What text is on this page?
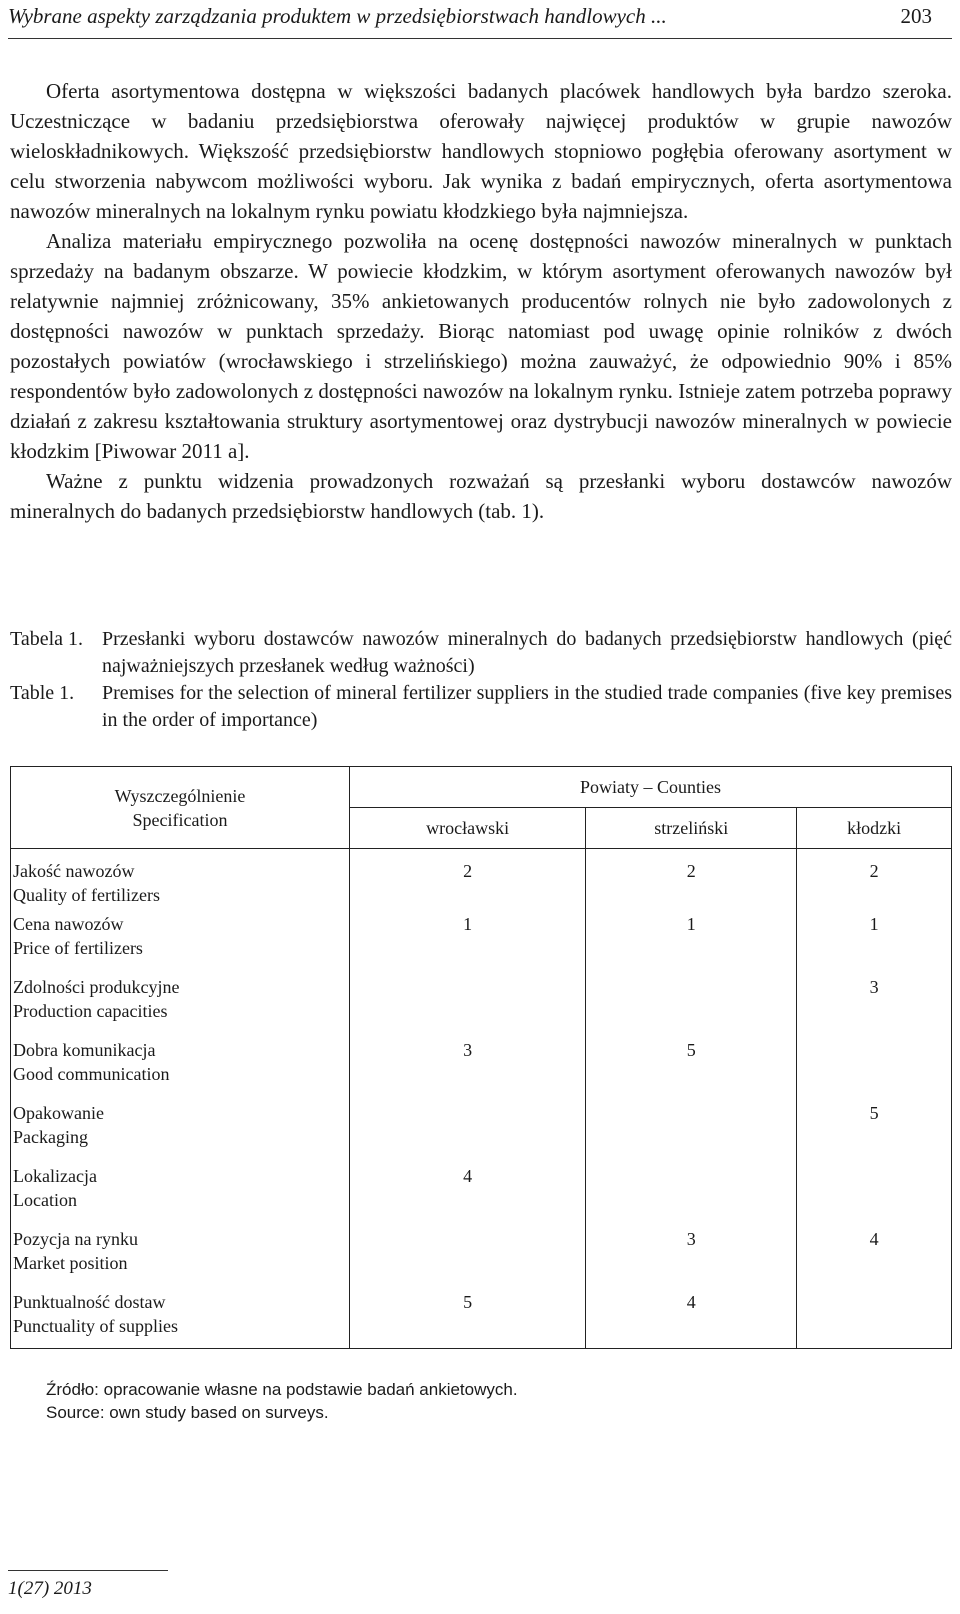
Wybrane aspekty zarządzania produktem w przedsiębiorstwach handlowych ...	203

Oferta asortymentowa dostępna w większości badanych placówek handlowych była bardzo szeroka. Uczestniczące w badaniu przedsiębiorstwa oferowały najwięcej produktów w grupie nawozów wieloskładnikowych. Większość przedsiębiorstw handlowych stopniowo pogłębia oferowany asortyment w celu stworzenia nabywcom możliwości wyboru. Jak wynika z badań empirycznych, oferta asortymentowa nawozów mineralnych na lokalnym rynku powiatu kłodzkiego była najmniejsza.

Analiza materiału empirycznego pozwoliła na ocenę dostępności nawozów mineralnych w punktach sprzedaży na badanym obszarze. W powiecie kłodzkim, w którym asortyment oferowanych nawozów był relatywnie najmniej zróżnicowany, 35% ankietowanych producentów rolnych nie było zadowolonych z dostępności nawozów w punktach sprzedaży. Biorąc natomiast pod uwagę opinie rolników z dwóch pozostałych powiatów (wrocławskiego i strzelińskiego) można zauważyć, że odpowiednio 90% i 85% respondentów było zadowolonych z dostępności nawozów na lokalnym rynku. Istnieje zatem potrzeba poprawy działań z zakresu kształtowania struktury asortymentowej oraz dystrybucji nawozów mineralnych w powiecie kłodzkim [Piwowar 2011 a].

Ważne z punktu widzenia prowadzonych rozważań są przesłanki wyboru dostawców nawozów mineralnych do badanych przedsiębiorstw handlowych (tab. 1).

Tabela 1. Przesłanki wyboru dostawców nawozów mineralnych do badanych przedsiębiorstw handlowych (pięć najważniejszych przesłanek według ważności)
Table 1.	Premises for the selection of mineral fertilizer suppliers in the studied trade companies (five key premises in the order of importance)
Wyszczególnienie
Specification	Powiaty – Counties		
	wrocławski	strzeliński	kłodzki

Jakość nawozów
Quality of fertilizers	2	2	2

Cena nawozów
Price of fertilizers	1	1	1

Zdolności produkcyjne
Production capacities			3

Dobra komunikacja
Good communication	3	5	

Opakowanie
Packaging			5

Lokalizacja
Location	4		

Pozycja na rynku
Market position		3	4

Punktualność dostaw
Punctuality of supplies	5	4	
Źródło: opracowanie własne na podstawie badań ankietowych.
Source: own study based on surveys.
1(27) 2013
